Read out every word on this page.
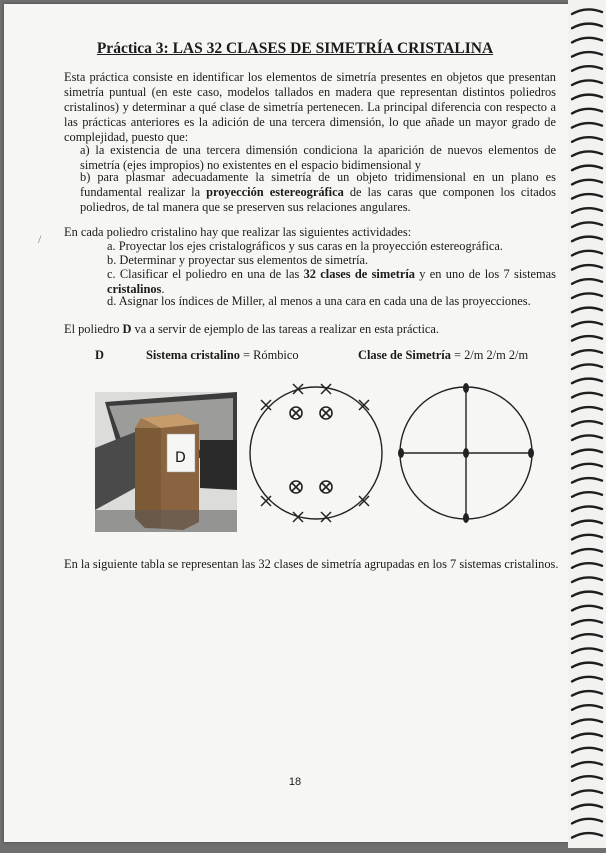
Práctica 3: LAS 32 CLASES DE SIMETRÍA CRISTALINA

Esta práctica consiste en identificar los elementos de simetría presentes en objetos que presentan simetría puntual (en este caso, modelos tallados en madera que representan distintos poliedros cristalinos) y determinar a qué clase de simetría pertenecen. La principal diferencia con respecto a las prácticas anteriores es la adición de una tercera dimensión, lo que añade un mayor grado de complejidad, puesto que:

a) la existencia de una tercera dimensión condiciona la aparición de nuevos elementos de simetría (ejes impropios) no existentes en el espacio bidimensional y

b) para plasmar adecuadamente la simetría de un objeto tridimensional en un plano es fundamental realizar la proyección estereográfica de las caras que componen los citados poliedros, de tal manera que se preserven sus relaciones angulares.

/ En cada poliedro cristalino hay que realizar las siguientes actividades:

a. Proyectar los ejes cristalográficos y sus caras en la proyección estereográfica.

b. Determinar y proyectar sus elementos de simetría.

c. Clasificar el poliedro en una de las 32 clases de simetría y en uno de los 7 sistemas cristalinos.

d. Asignar los índices de Miller, al menos a una cara en cada una de las proyecciones.

El poliedro D va a servir de ejemplo de las tareas a realizar en esta práctica.

D	Sistema cristalino = Rómbico	Clase de Simetría = 2/m 2/m 2/m
D

En la siguiente tabla se representan las 32 clases de simetría agrupadas en los 7 sistemas cristalinos.

18
